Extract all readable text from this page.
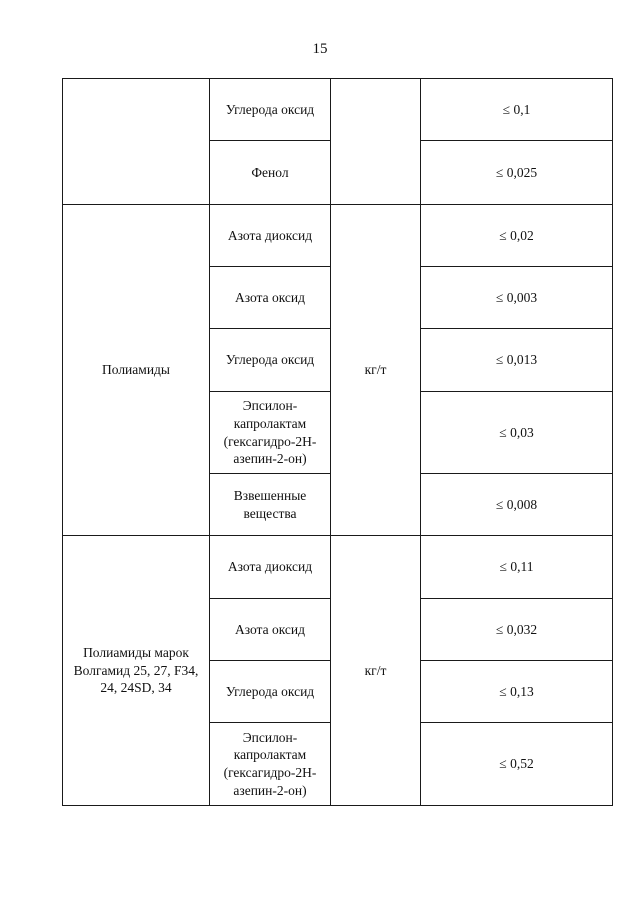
15
	Углерода оксид		≤ 0,1
	Фенол		≤ 0,025
Полиамиды	Азота диоксид	кг/т	≤ 0,02
	Азота оксид		≤ 0,003
	Углерода оксид		≤ 0,013
	Эпсилон-капролактам (гексагидро-2Н-азепин-2-он)		≤ 0,03
	Взвешенные вещества		≤ 0,008
Полиамиды марок Волгамид 25, 27, F34, 24, 24SD, 34	Азота диоксид	кг/т	≤ 0,11
	Азота оксид		≤ 0,032
	Углерода оксид		≤ 0,13
	Эпсилон-капролактам (гексагидро-2Н-азепин-2-он)		≤ 0,52
